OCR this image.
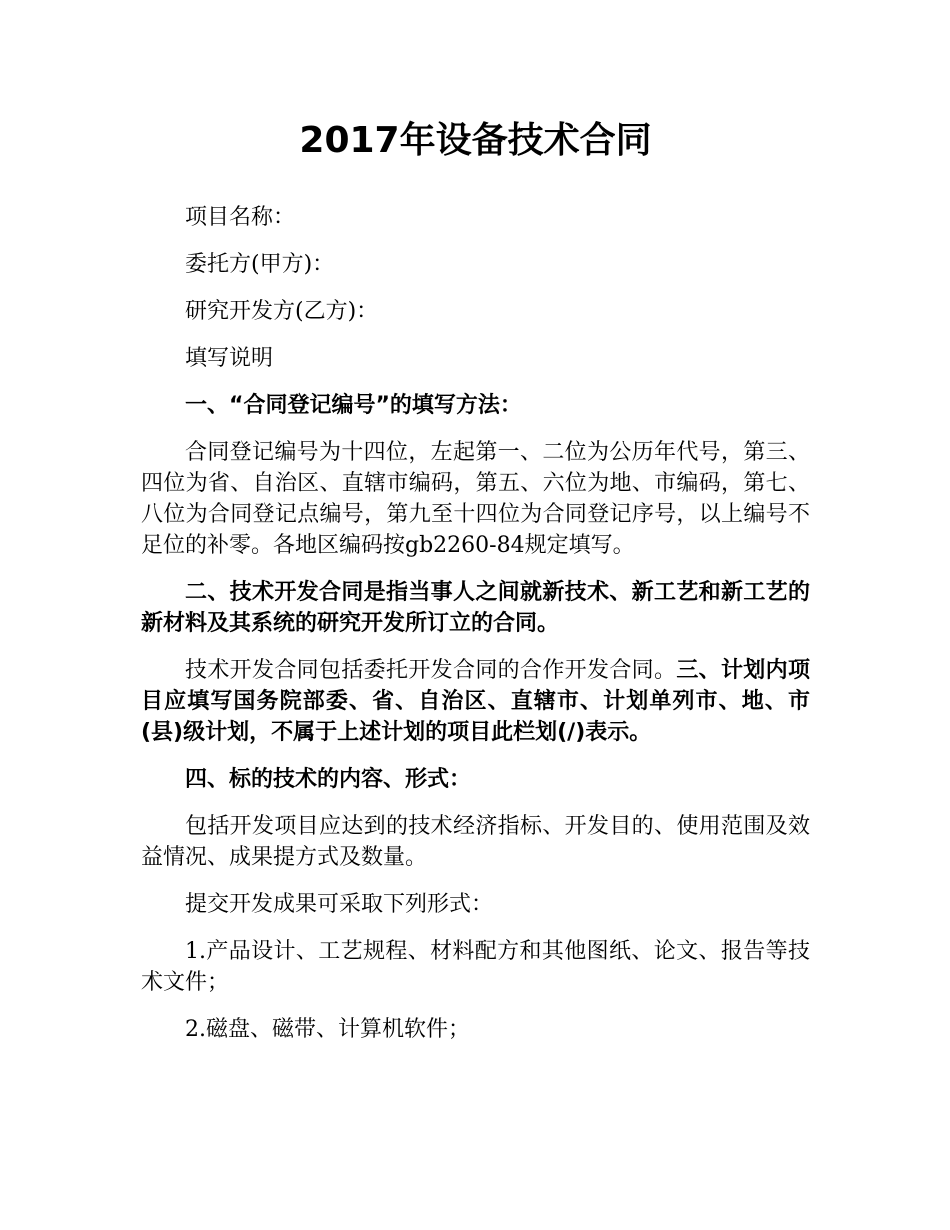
2017年设备技术合同

项目名称：

委托方(甲方)：

研究开发方(乙方)：

填写说明

一、“合同登记编号”的填写方法：

合同登记编号为十四位，左起第一、二位为公历年代号，第三、四位为省、自治区、直辖市编码，第五、六位为地、市编码，第七、八位为合同登记点编号，第九至十四位为合同登记序号，以上编号不足位的补零。各地区编码按gb2260-84规定填写。

二、技术开发合同是指当事人之间就新技术、新工艺和新工艺的新材料及其系统的研究开发所订立的合同。

技术开发合同包括委托开发合同的合作开发合同。三、计划内项目应填写国务院部委、省、自治区、直辖市、计划单列市、地、市(县)级计划，不属于上述计划的项目此栏划(/)表示。

四、标的技术的内容、形式：

包括开发项目应达到的技术经济指标、开发目的、使用范围及效益情况、成果提方式及数量。

提交开发成果可采取下列形式：

1.产品设计、工艺规程、材料配方和其他图纸、论文、报告等技术文件；

2.磁盘、磁带、计算机软件；
